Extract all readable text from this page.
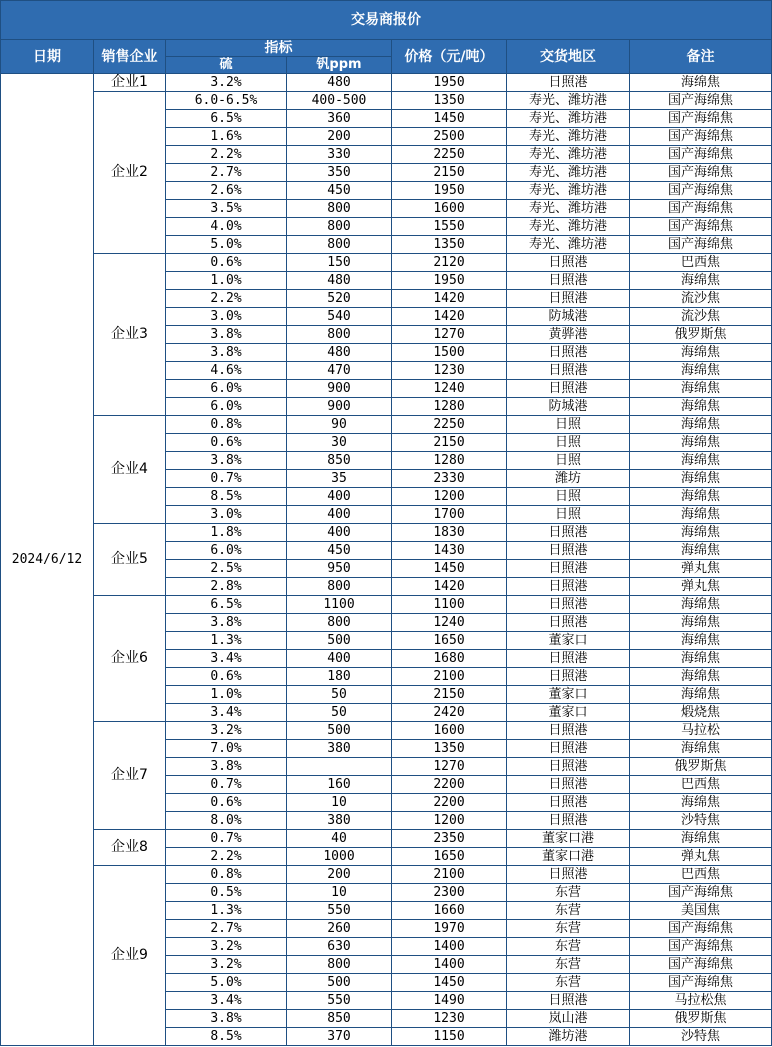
交易商报价						
日期	销售企业	指标		价格（元/吨）	交货地区	备注
		硫	钒ppm			
2024/6/12	企业1	3.2%	480	1950	日照港	海绵焦
	企业2	6.0-6.5%	400-500	1350	寿光、潍坊港	国产海绵焦
		6.5%	360	1450	寿光、潍坊港	国产海绵焦
		1.6%	200	2500	寿光、潍坊港	国产海绵焦
		2.2%	330	2250	寿光、潍坊港	国产海绵焦
		2.7%	350	2150	寿光、潍坊港	国产海绵焦
		2.6%	450	1950	寿光、潍坊港	国产海绵焦
		3.5%	800	1600	寿光、潍坊港	国产海绵焦
		4.0%	800	1550	寿光、潍坊港	国产海绵焦
		5.0%	800	1350	寿光、潍坊港	国产海绵焦
	企业3	0.6%	150	2120	日照港	巴西焦
		1.0%	480	1950	日照港	海绵焦
		2.2%	520	1420	日照港	流沙焦
		3.0%	540	1420	防城港	流沙焦
		3.8%	800	1270	黄骅港	俄罗斯焦
		3.8%	480	1500	日照港	海绵焦
		4.6%	470	1230	日照港	海绵焦
		6.0%	900	1240	日照港	海绵焦
		6.0%	900	1280	防城港	海绵焦
	企业4	0.8%	90	2250	日照	海绵焦
		0.6%	30	2150	日照	海绵焦
		3.8%	850	1280	日照	海绵焦
		0.7%	35	2330	潍坊	海绵焦
		8.5%	400	1200	日照	海绵焦
		3.0%	400	1700	日照	海绵焦
	企业5	1.8%	400	1830	日照港	海绵焦
		6.0%	450	1430	日照港	海绵焦
		2.5%	950	1450	日照港	弹丸焦
		2.8%	800	1420	日照港	弹丸焦
	企业6	6.5%	1100	1100	日照港	海绵焦
		3.8%	800	1240	日照港	海绵焦
		1.3%	500	1650	董家口	海绵焦
		3.4%	400	1680	日照港	海绵焦
		0.6%	180	2100	日照港	海绵焦
		1.0%	50	2150	董家口	海绵焦
		3.4%	50	2420	董家口	煅烧焦
	企业7	3.2%	500	1600	日照港	马拉松
		7.0%	380	1350	日照港	海绵焦
		3.8%		1270	日照港	俄罗斯焦
		0.7%	160	2200	日照港	巴西焦
		0.6%	10	2200	日照港	海绵焦
		8.0%	380	1200	日照港	沙特焦
	企业8	0.7%	40	2350	董家口港	海绵焦
		2.2%	1000	1650	董家口港	弹丸焦
	企业9	0.8%	200	2100	日照港	巴西焦
		0.5%	10	2300	东营	国产海绵焦
		1.3%	550	1660	东营	美国焦
		2.7%	260	1970	东营	国产海绵焦
		3.2%	630	1400	东营	国产海绵焦
		3.2%	800	1400	东营	国产海绵焦
		5.0%	500	1450	东营	国产海绵焦
		3.4%	550	1490	日照港	马拉松焦
		3.8%	850	1230	岚山港	俄罗斯焦
		8.5%	370	1150	潍坊港	沙特焦
